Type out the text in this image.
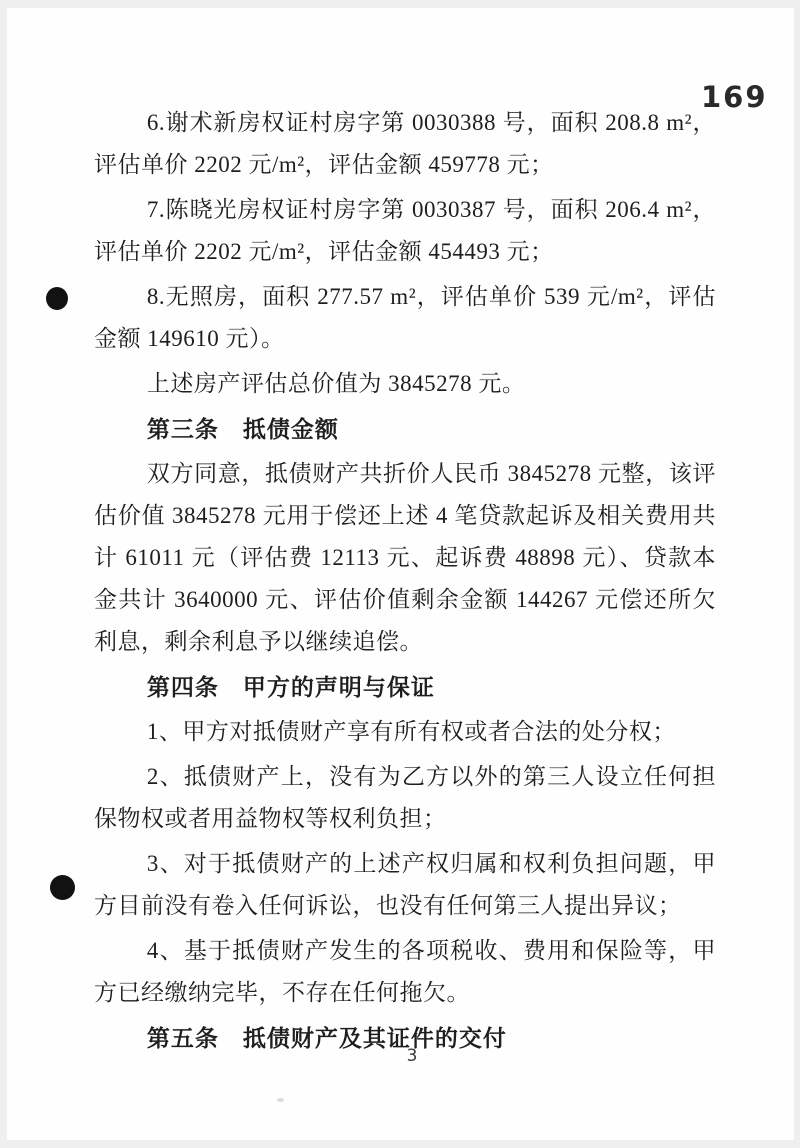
169

6.谢术新房权证村房字第 0030388 号，面积 208.8 m²，评估单价 2202 元/m²，评估金额 459778 元；

7.陈晓光房权证村房字第 0030387 号，面积 206.4 m²，评估单价 2202 元/m²，评估金额 454493 元；

8.无照房，面积 277.57 m²，评估单价 539 元/m²，评估金额 149610 元）。

上述房产评估总价值为 3845278 元。

第三条　抵债金额

双方同意，抵债财产共折价人民币 3845278 元整，该评估价值 3845278 元用于偿还上述 4 笔贷款起诉及相关费用共计 61011 元（评估费 12113 元、起诉费 48898 元）、贷款本金共计 3640000 元、评估价值剩余金额 144267 元偿还所欠利息，剩余利息予以继续追偿。

第四条　甲方的声明与保证

1、甲方对抵债财产享有所有权或者合法的处分权；

2、抵债财产上，没有为乙方以外的第三人设立任何担保物权或者用益物权等权利负担；

3、对于抵债财产的上述产权归属和权利负担问题，甲方目前没有卷入任何诉讼，也没有任何第三人提出异议；

4、基于抵债财产发生的各项税收、费用和保险等，甲方已经缴纳完毕，不存在任何拖欠。

第五条　抵债财产及其证件的交付

3
